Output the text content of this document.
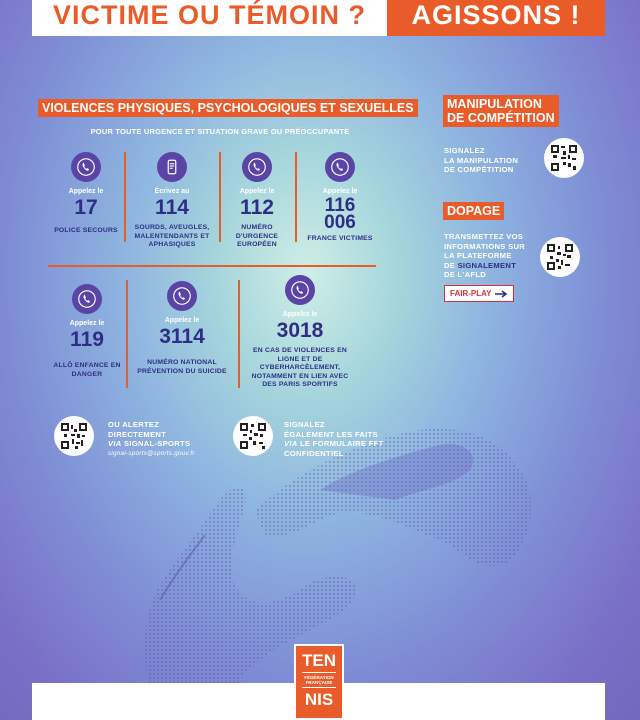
VICTIME OU TÉMOIN ? AGISSONS !
VIOLENCES PHYSIQUES, PSYCHOLOGIQUES ET SEXUELLES
POUR TOUTE URGENCE ET SITUATION GRAVE OU PRÉOCCUPANTE
Appelez le
17
POLICE SECOURS
Écrivez au
114
SOURDS, AVEUGLES, MALENTENDANTS ET APHASIQUES
Appelez le
112
NUMÉRO D'URGENCE EUROPÉEN
Appelez le
116 006
FRANCE VICTIMES
Appelez le
119
ALLÔ ENFANCE EN DANGER
Appelez le
3114
NUMÉRO NATIONAL PRÉVENTION DU SUICIDE
Appelez le
3018
EN CAS DE VIOLENCES EN LIGNE ET DE CYBERHARCÈLEMENT, NOTAMMENT EN LIEN AVEC DES PARIS SPORTIFS
OU ALERTEZ
DIRECTEMENT
VIA SIGNAL-SPORTS
signal-sports@sports.gouv.fr
SIGNALEZ
ÉGALEMENT LES FAITS
VIA LE FORMULAIRE FFT
CONFIDENTIEL
MANIPULATION
DE COMPÉTITION
SIGNALEZ
LA MANIPULATION
DE COMPÉTITION
DOPAGE
TRANSMETTEZ VOS
INFORMATIONS SUR
LA PLATEFORME
DE SIGNALEMENT
DE L'AFLD
FAIR-PLAY
TEN
FÉDÉRATION FRANÇAISE
NIS
